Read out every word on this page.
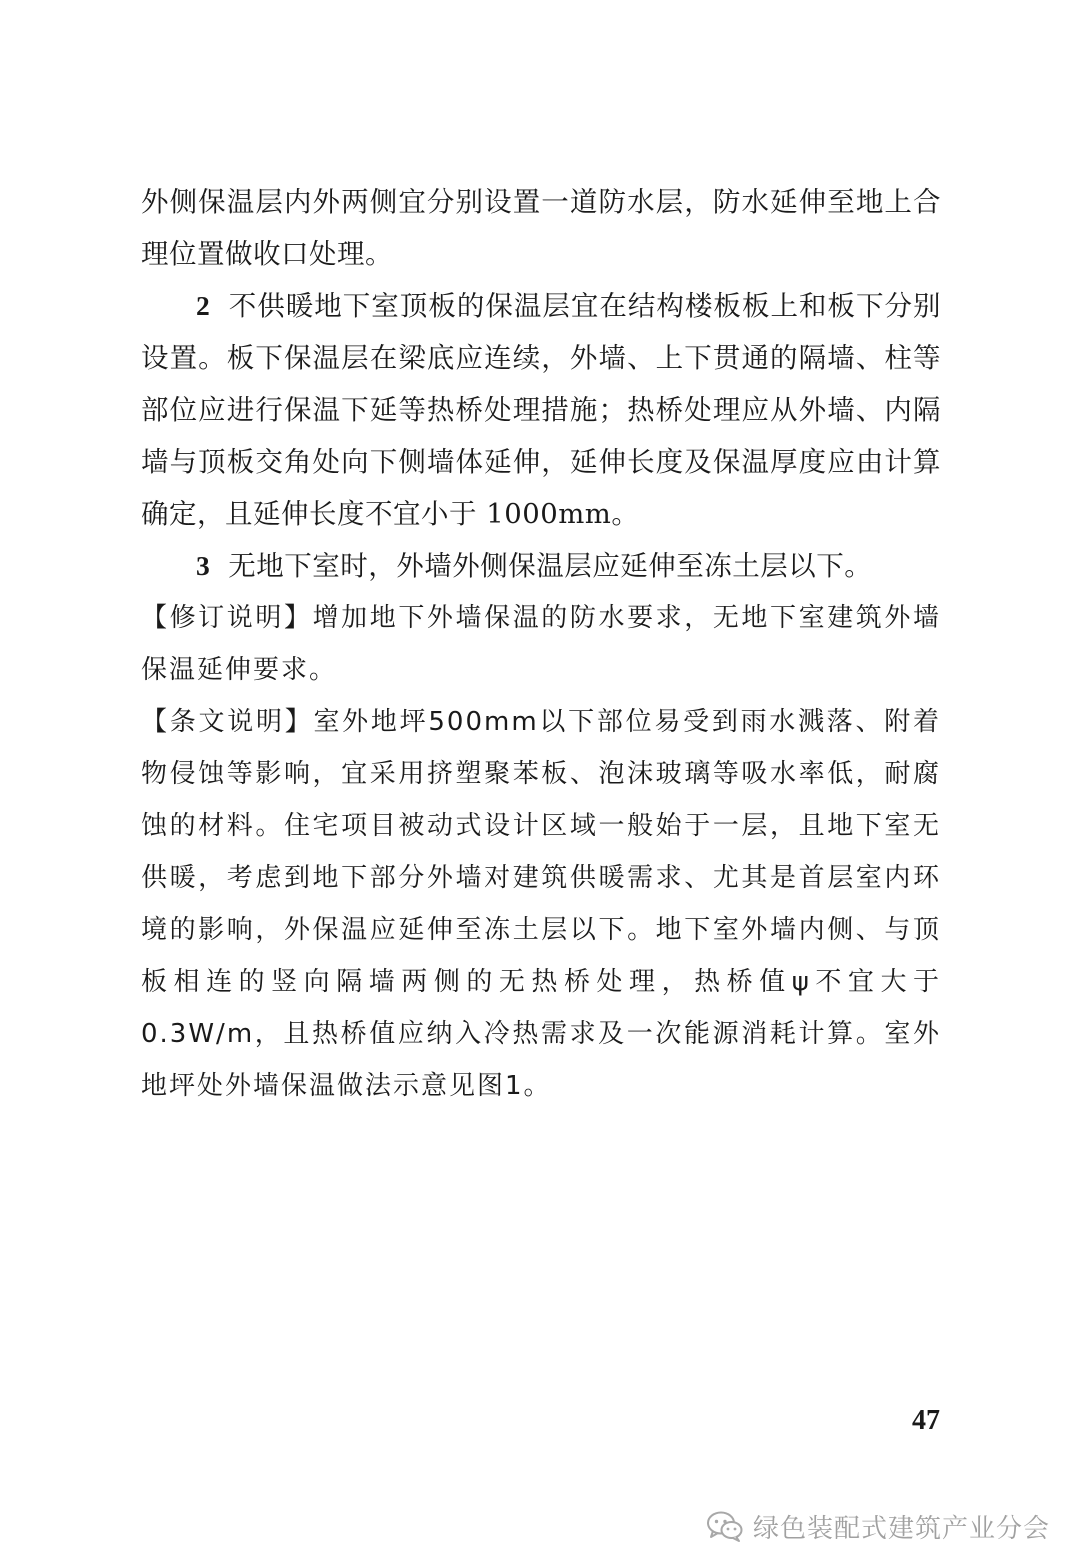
外侧保温层内外两侧宜分别设置一道防水层，防水延伸至地上合理位置做收口处理。

2 不供暖地下室顶板的保温层宜在结构楼板板上和板下分别设置。板下保温层在梁底应连续，外墙、上下贯通的隔墙、柱等部位应进行保温下延等热桥处理措施；热桥处理应从外墙、内隔墙与顶板交角处向下侧墙体延伸，延伸长度及保温厚度应由计算确定，且延伸长度不宜小于 1000mm。

3 无地下室时，外墙外侧保温层应延伸至冻土层以下。

【修订说明】增加地下外墙保温的防水要求，无地下室建筑外墙保温延伸要求。

【条文说明】室外地坪500mm以下部位易受到雨水溅落、附着物侵蚀等影响，宜采用挤塑聚苯板、泡沫玻璃等吸水率低，耐腐蚀的材料。住宅项目被动式设计区域一般始于一层，且地下室无供暖，考虑到地下部分外墙对建筑供暖需求、尤其是首层室内环境的影响，外保温应延伸至冻土层以下。地下室外墙内侧、与顶板相连的竖向隔墙两侧的无热桥处理，热桥值ψ不宜大于0.3W/m，且热桥值应纳入冷热需求及一次能源消耗计算。室外地坪处外墙保温做法示意见图1。

47
绿色装配式建筑产业分会
